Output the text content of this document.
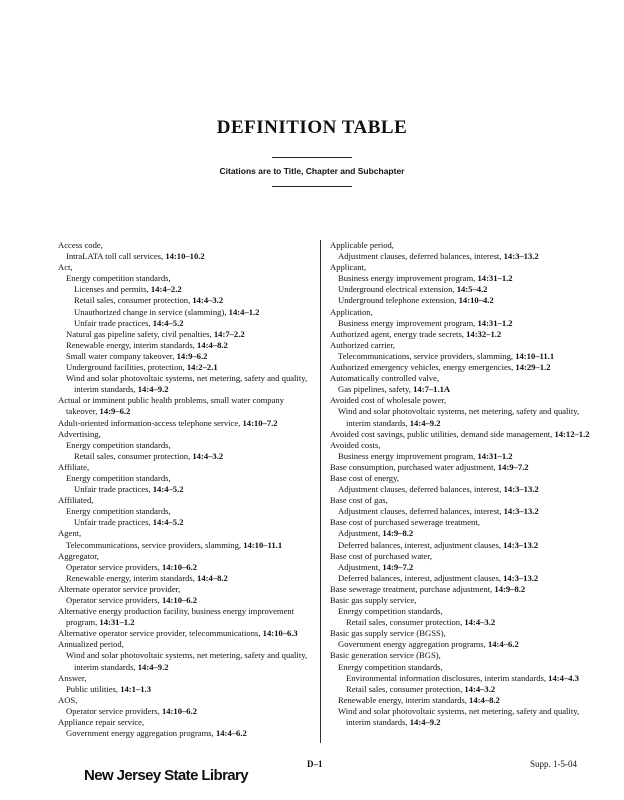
DEFINITION TABLE
Citations are to Title, Chapter and Subchapter
Access code,
IntraLATA toll call services, 14:10–10.2
Act,
Energy competition standards,
Licenses and permits, 14:4–2.2
Retail sales, consumer protection, 14:4–3.2
Unauthorized change in service (slamming), 14:4–1.2
Unfair trade practices, 14:4–5.2
Natural gas pipeline safety, civil penalties, 14:7–2.2
Renewable energy, interim standards, 14:4–8.2
Small water company takeover, 14:9–6.2
Underground facilities, protection, 14:2–2.1
Wind and solar photovoltaic systems, net metering, safety and quality, interim standards, 14:4–9.2
Actual or imminent public health problems, small water company takeover, 14:9–6.2
Adult-oriented information-access telephone service, 14:10–7.2
Advertising,
Energy competition standards,
Retail sales, consumer protection, 14:4–3.2
Affiliate,
Energy competition standards,
Unfair trade practices, 14:4–5.2
Affiliated,
Energy competition standards,
Unfair trade practices, 14:4–5.2
Agent,
Telecommunications, service providers, slamming, 14:10–11.1
Aggregator,
Operator service providers, 14:10–6.2
Renewable energy, interim standards, 14:4–8.2
Alternate operator service provider,
Operator service providers, 14:10–6.2
Alternative energy production facility, business energy improvement program, 14:31–1.2
Alternative operator service provider, telecommunications, 14:10–6.3
Annualized period,
Wind and solar photovoltaic systems, net metering, safety and quality, interim standards, 14:4–9.2
Answer,
Public utilities, 14:1–1.3
AOS,
Operator service providers, 14:10–6.2
Appliance repair service,
Government energy aggregation programs, 14:4–6.2
Applicable period,
Adjustment clauses, deferred balances, interest, 14:3–13.2
Applicant,
Business energy improvement program, 14:31–1.2
Underground electrical extension, 14:5–4.2
Underground telephone extension, 14:10–4.2
Application,
Business energy improvement program, 14:31–1.2
Authorized agent, energy trade secrets, 14:32–1.2
Authorized carrier,
Telecommunications, service providers, slamming, 14:10–11.1
Authorized emergency vehicles, energy emergencies, 14:29–1.2
Automatically controlled valve,
Gas pipelines, safety, 14:7–1.1A
Avoided cost of wholesale power,
Wind and solar photovoltaic systems, net metering, safety and quality, interim standards, 14:4–9.2
Avoided cost savings, public utilities, demand side management, 14:12–1.2
Avoided costs,
Business energy improvement program, 14:31–1.2
Base consumption, purchased water adjustment, 14:9–7.2
Base cost of energy,
Adjustment clauses, deferred balances, interest, 14:3–13.2
Base cost of gas,
Adjustment clauses, deferred balances, interest, 14:3–13.2
Base cost of purchased sewerage treatment,
Adjustment, 14:9–8.2
Deferred balances, interest, adjustment clauses, 14:3–13.2
Base cost of purchased water,
Adjustment, 14:9–7.2
Deferred balances, interest, adjustment clauses, 14:3–13.2
Base sewerage treatment, purchase adjustment, 14:9–8.2
Basic gas supply service,
Energy competition standards,
Retail sales, consumer protection, 14:4–3.2
Basic gas supply service (BGSS),
Government energy aggregation programs, 14:4–6.2
Basic generation service (BGS),
Energy competition standards,
Environmental information disclosures, interim standards, 14:4–4.3
Retail sales, consumer protection, 14:4–3.2
Renewable energy, interim standards, 14:4–8.2
Wind and solar photovoltaic systems, net metering, safety and quality, interim standards, 14:4–9.2
D–1	Supp. 1-5-04
New Jersey State Library
